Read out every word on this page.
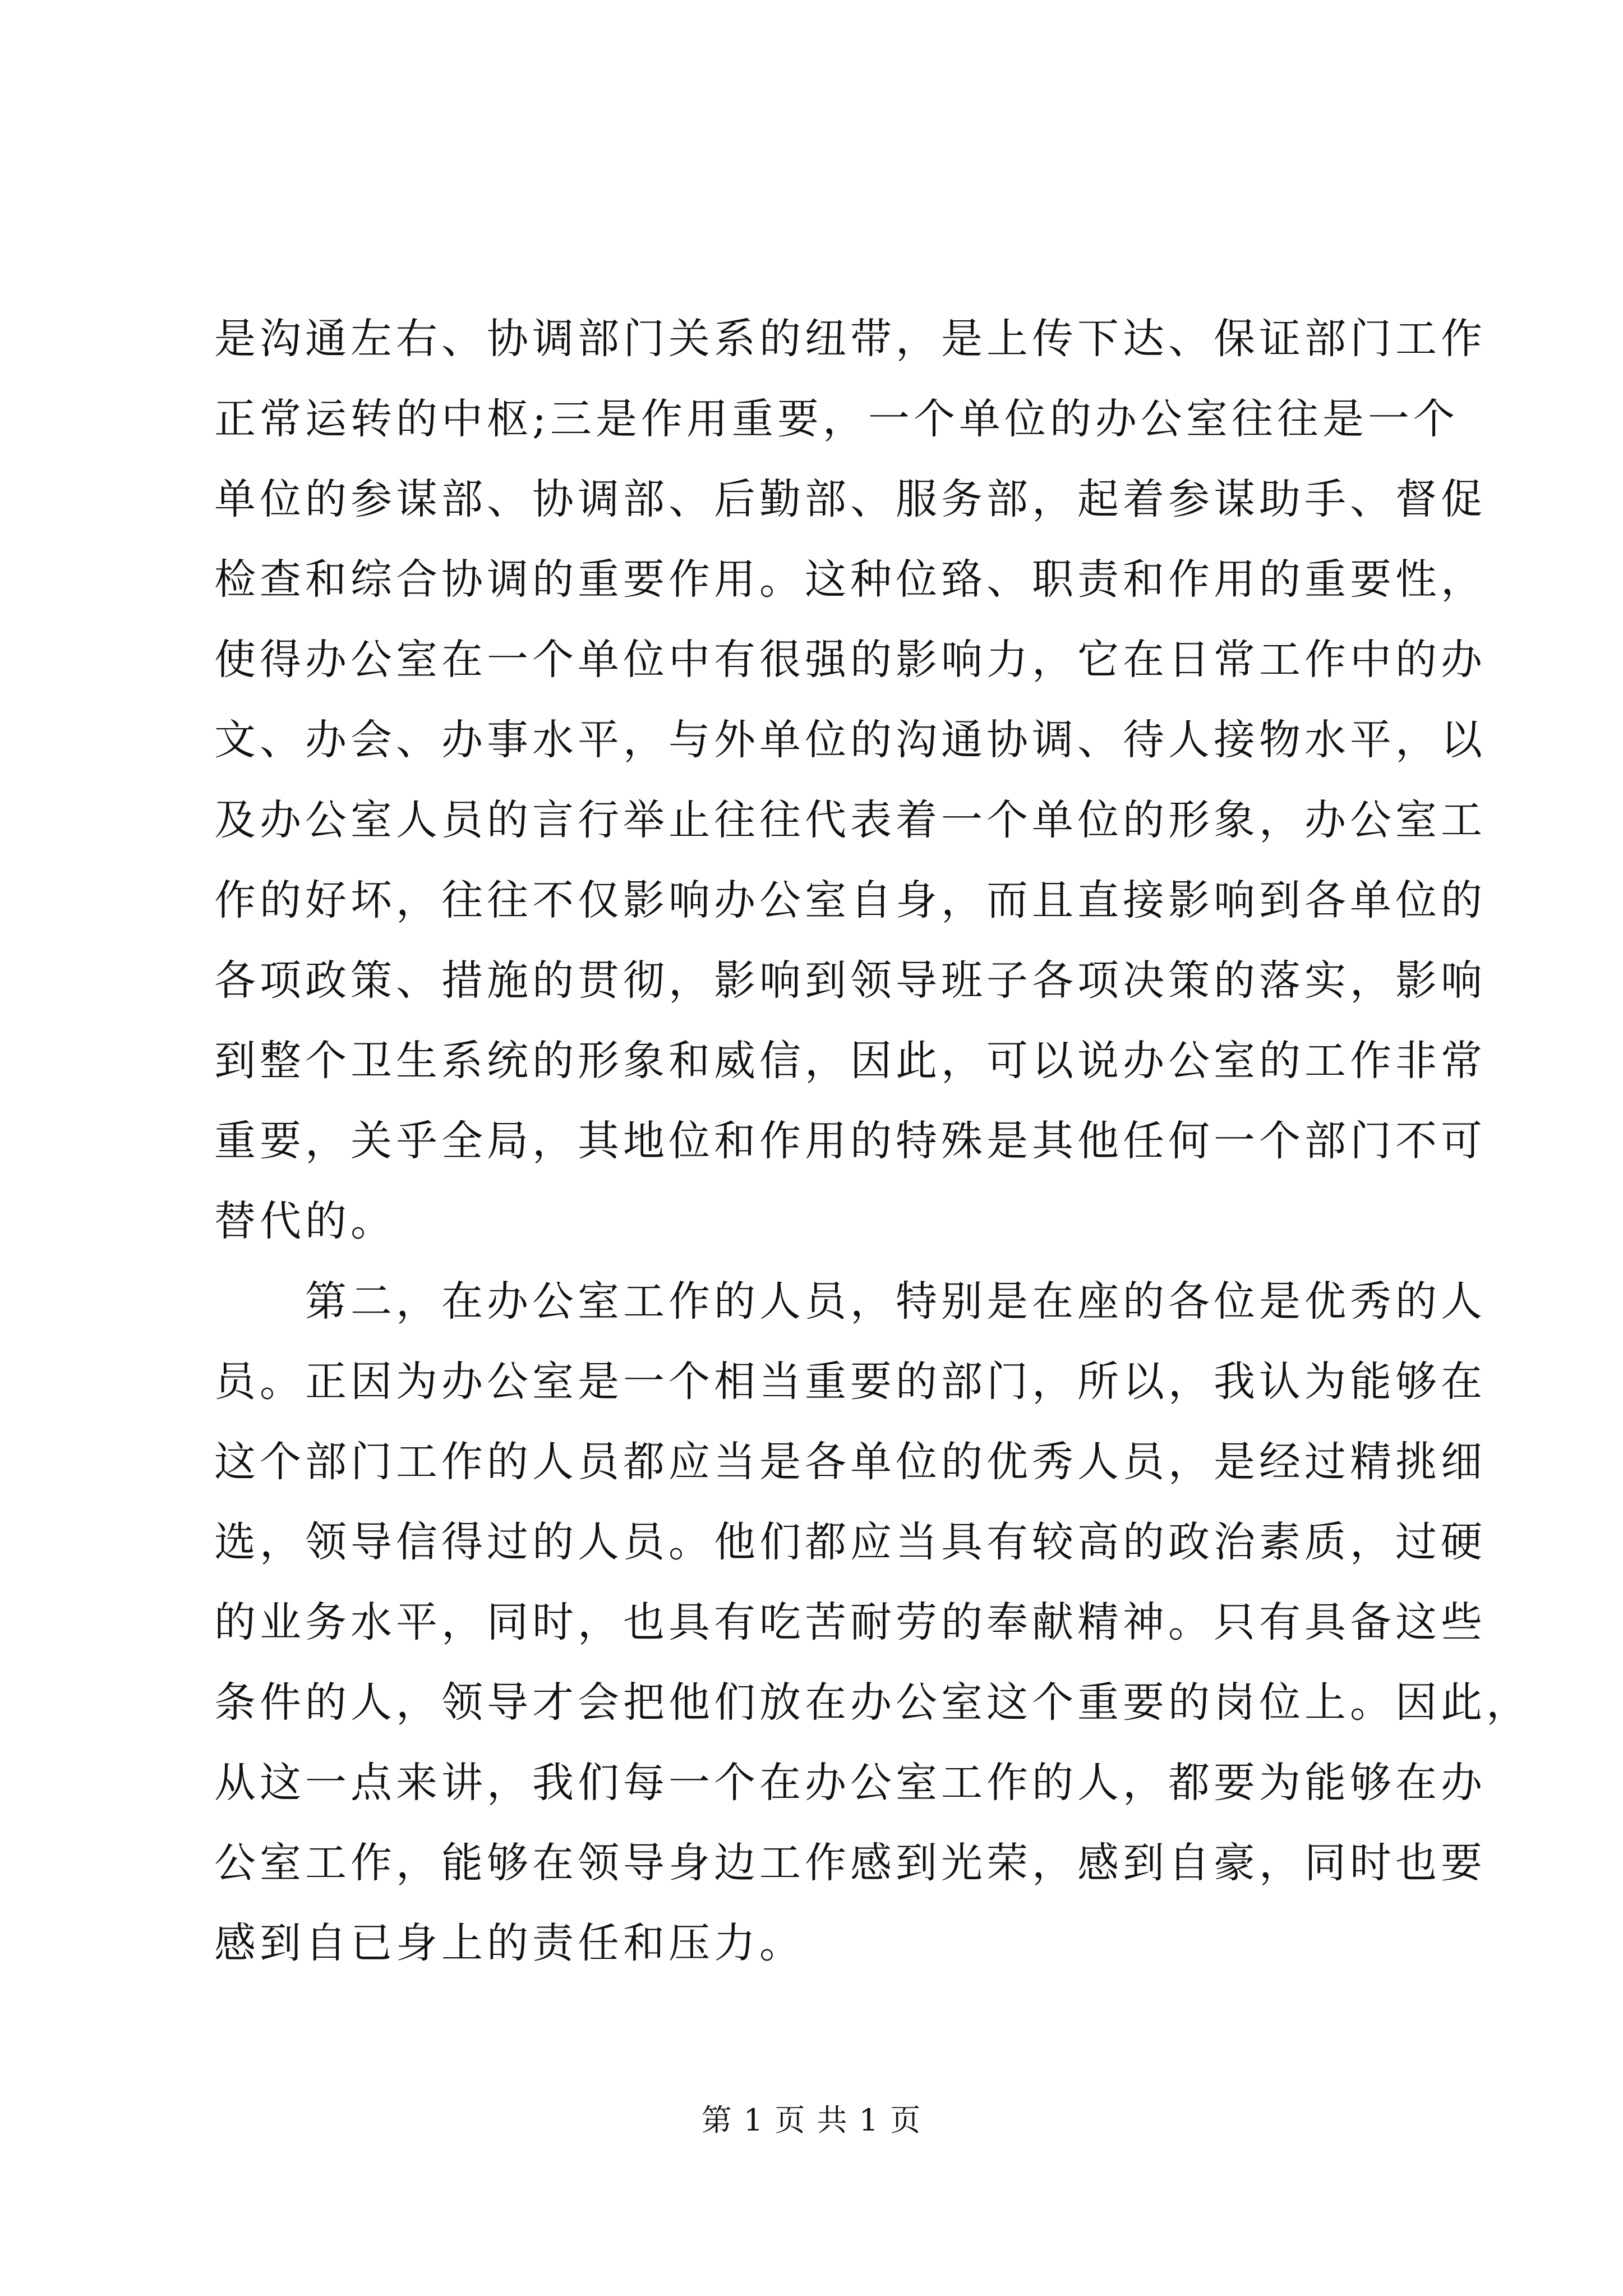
是沟通左右、协调部门关系的纽带，是上传下达、保证部门工作
正常运转的中枢;三是作用重要，一个单位的办公室往往是一个
单位的参谋部、协调部、后勤部、服务部，起着参谋助手、督促
检查和综合协调的重要作用。这种位臵、职责和作用的重要性，
使得办公室在一个单位中有很强的影响力，它在日常工作中的办
文、办会、办事水平，与外单位的沟通协调、待人接物水平，以
及办公室人员的言行举止往往代表着一个单位的形象，办公室工
作的好坏，往往不仅影响办公室自身，而且直接影响到各单位的
各项政策、措施的贯彻，影响到领导班子各项决策的落实，影响
到整个卫生系统的形象和威信，因此，可以说办公室的工作非常
重要，关乎全局，其地位和作用的特殊是其他任何一个部门不可
替代的。
　　第二，在办公室工作的人员，特别是在座的各位是优秀的人
员。正因为办公室是一个相当重要的部门，所以，我认为能够在
这个部门工作的人员都应当是各单位的优秀人员，是经过精挑细
选，领导信得过的人员。他们都应当具有较高的政治素质，过硬
的业务水平，同时，也具有吃苦耐劳的奉献精神。只有具备这些
条件的人，领导才会把他们放在办公室这个重要的岗位上。因此，
从这一点来讲，我们每一个在办公室工作的人，都要为能够在办
公室工作，能够在领导身边工作感到光荣，感到自豪，同时也要
感到自已身上的责任和压力。
第 1 页 共 1 页
